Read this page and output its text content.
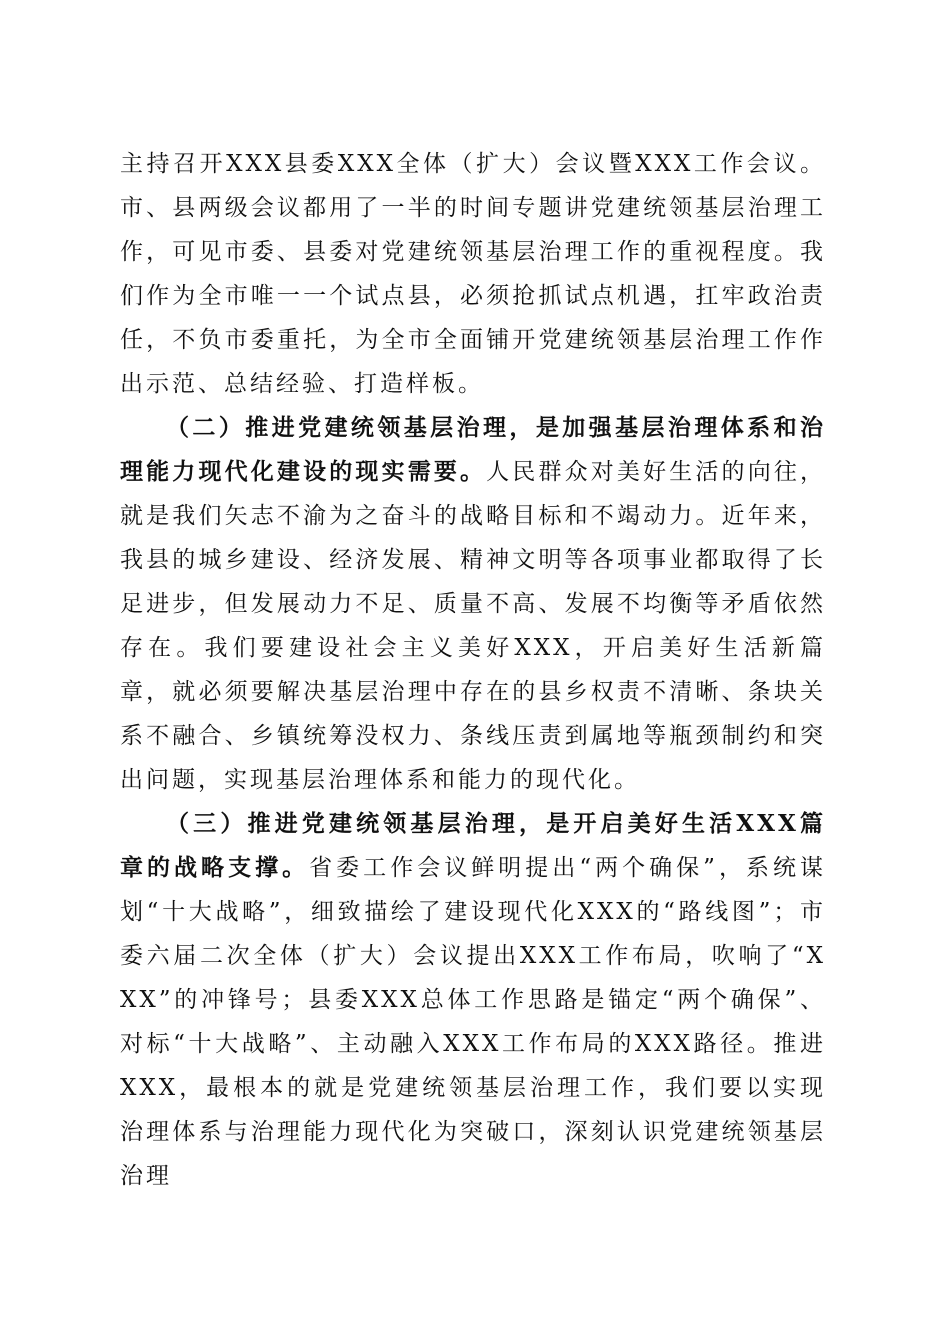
主持召开XXX县委XXX全体（扩大）会议暨XXX工作会议。市、县两级会议都用了一半的时间专题讲党建统领基层治理工作，可见市委、县委对党建统领基层治理工作的重视程度。我们作为全市唯一一个试点县，必须抢抓试点机遇，扛牢政治责任，不负市委重托，为全市全面铺开党建统领基层治理工作作出示范、总结经验、打造样板。

（二）推进党建统领基层治理，是加强基层治理体系和治理能力现代化建设的现实需要。人民群众对美好生活的向往，就是我们矢志不渝为之奋斗的战略目标和不竭动力。近年来，我县的城乡建设、经济发展、精神文明等各项事业都取得了长足进步，但发展动力不足、质量不高、发展不均衡等矛盾依然存在。我们要建设社会主义美好XXX，开启美好生活新篇章，就必须要解决基层治理中存在的县乡权责不清晰、条块关系不融合、乡镇统筹没权力、条线压责到属地等瓶颈制约和突出问题，实现基层治理体系和能力的现代化。

（三）推进党建统领基层治理，是开启美好生活XXX篇章的战略支撑。省委工作会议鲜明提出“两个确保”，系统谋划“十大战略”，细致描绘了建设现代化XXX的“路线图”；市委六届二次全体（扩大）会议提出XXX工作布局，吹响了“XXX”的冲锋号；县委XXX总体工作思路是锚定“两个确保”、对标“十大战略”、主动融入XXX工作布局的XXX路径。推进XXX，最根本的就是党建统领基层治理工作，我们要以实现治理体系与治理能力现代化为突破口，深刻认识党建统领基层治理
